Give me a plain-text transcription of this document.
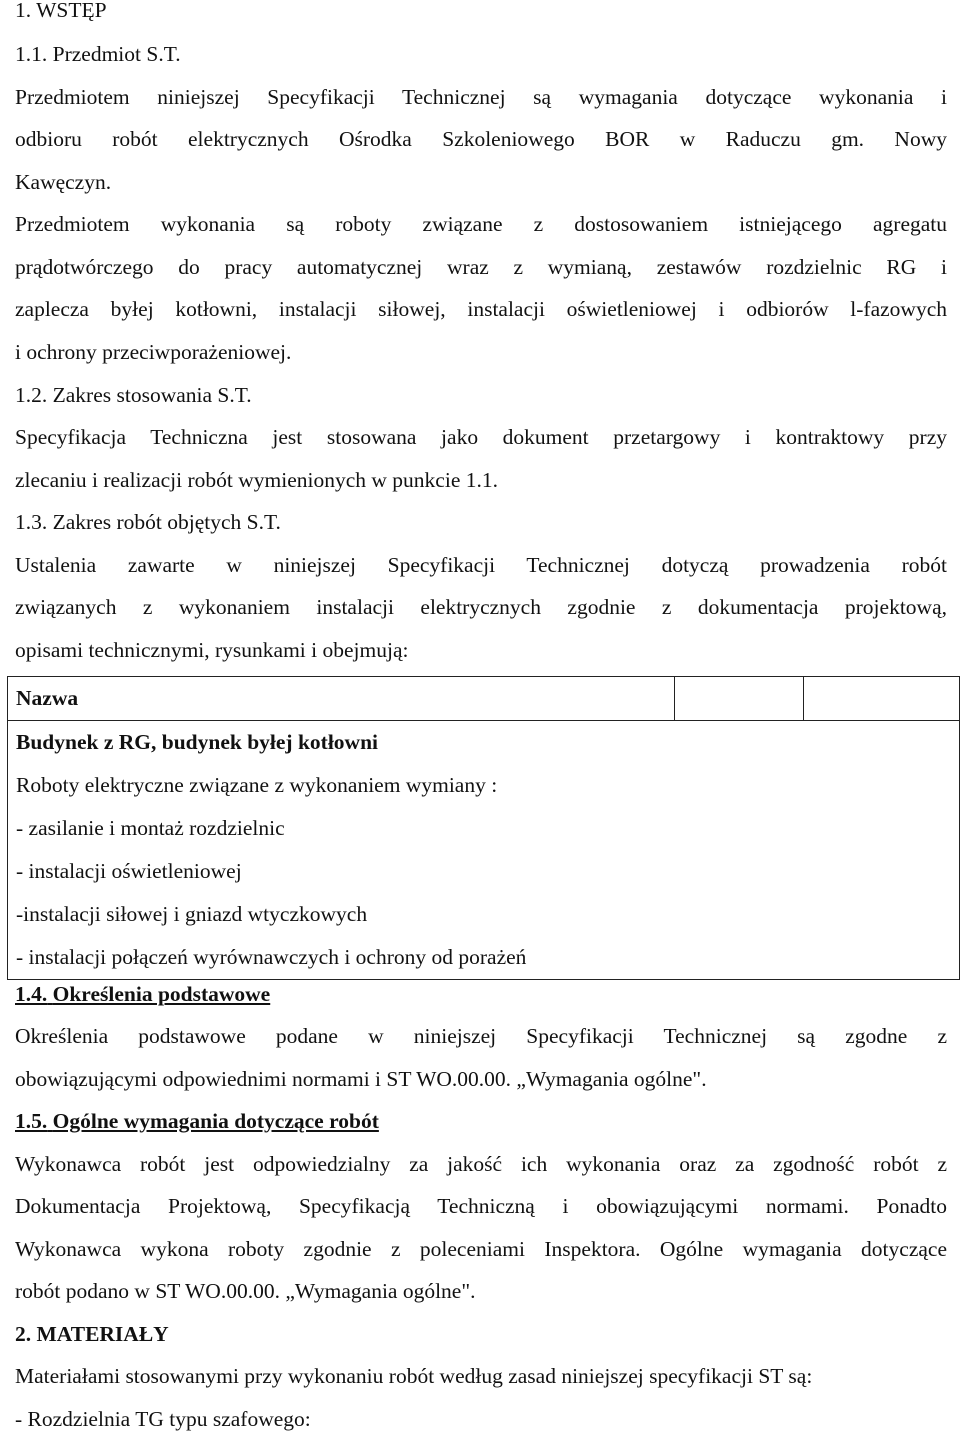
1. WSTĘP

1.1. Przedmiot S.T.

Przedmiotem niniejszej Specyfikacji Technicznej są wymagania dotyczące wykonania i

odbioru robót elektrycznych Ośrodka Szkoleniowego BOR w Raduczu gm. Nowy

Kawęczyn.

Przedmiotem wykonania są roboty związane z dostosowaniem istniejącego agregatu

prądotwórczego do pracy automatycznej wraz z wymianą, zestawów rozdzielnic RG i

zaplecza byłej kotłowni, instalacji siłowej, instalacji oświetleniowej i odbiorów l-fazowych

i ochrony przeciwporażeniowej.

1.2. Zakres stosowania S.T.

Specyfikacja Techniczna jest stosowana jako dokument przetargowy i kontraktowy przy

zlecaniu i realizacji robót wymienionych w punkcie 1.1.

1.3. Zakres robót objętych S.T.

Ustalenia zawarte w niniejszej Specyfikacji Technicznej dotyczą prowadzenia robót

związanych z wykonaniem instalacji elektrycznych zgodnie z dokumentacja projektową,

opisami technicznymi, rysunkami i obejmują:

Nazwa

Budynek z RG, budynek byłej kotłowni
Roboty elektryczne związane z wykonaniem wymiany :
- zasilanie i montaż rozdzielnic
- instalacji oświetleniowej
-instalacji siłowej i gniazd wtyczkowych
- instalacji połączeń wyrównawczych i ochrony od porażeń

1.4. Określenia podstawowe

Określenia podstawowe podane w niniejszej Specyfikacji Technicznej są zgodne z

obowiązującymi odpowiednimi normami i ST WO.00.00. „Wymagania ogólne".

1.5. Ogólne wymagania dotyczące robót

Wykonawca robót jest odpowiedzialny za jakość ich wykonania oraz za zgodność robót z

Dokumentacja Projektową, Specyfikacją Techniczną i obowiązującymi normami. Ponadto

Wykonawca wykona roboty zgodnie z poleceniami Inspektora. Ogólne wymagania dotyczące

robót podano w ST WO.00.00. „Wymagania ogólne".

2. MATERIAŁY

Materiałami stosowanymi przy wykonaniu robót według zasad niniejszej specyfikacji ST są:

- Rozdzielnia TG typu szafowego:
